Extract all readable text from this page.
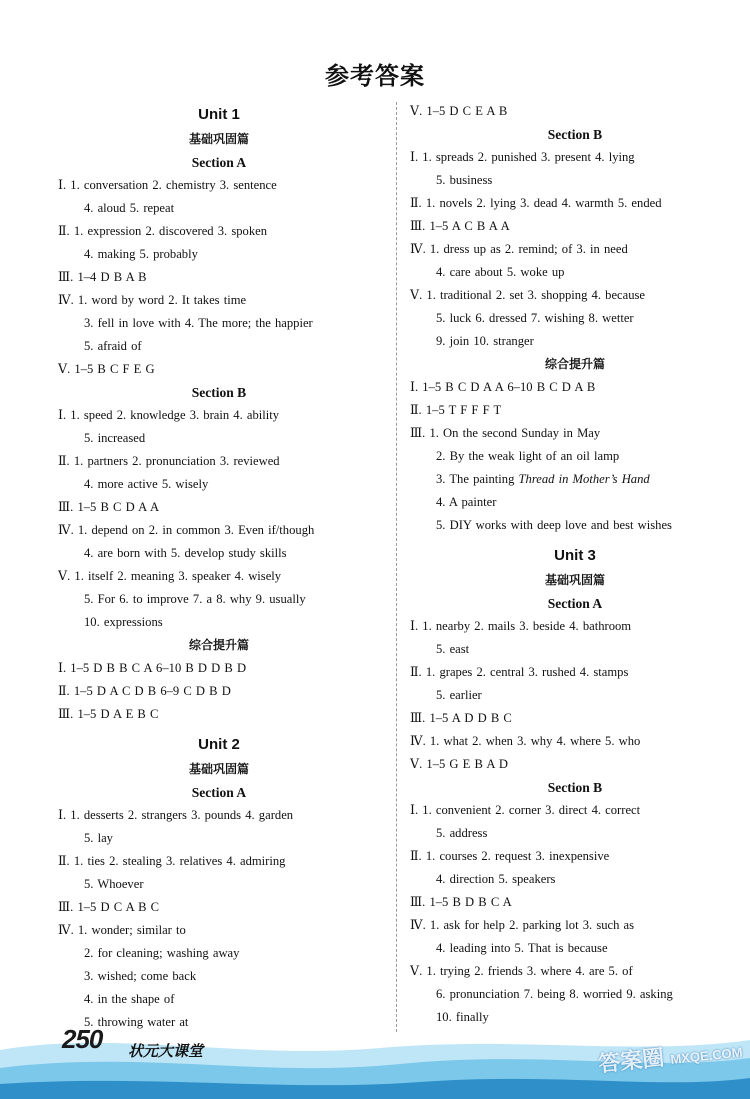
参考答案
Unit 1
基础巩固篇
Section A
Ⅰ. 1. conversation 2. chemistry 3. sentence
4. aloud 5. repeat
Ⅱ. 1. expression 2. discovered 3. spoken
4. making 5. probably
Ⅲ. 1–4 D B A B
Ⅳ. 1. word by word 2. It takes time
3. fell in love with 4. The more; the happier
5. afraid of
Ⅴ. 1–5 B C F E G
Section B
Ⅰ. 1. speed 2. knowledge 3. brain 4. ability
5. increased
Ⅱ. 1. partners 2. pronunciation 3. reviewed
4. more active 5. wisely
Ⅲ. 1–5 B C D A A
Ⅳ. 1. depend on 2. in common 3. Even if/though
4. are born with 5. develop study skills
Ⅴ. 1. itself 2. meaning 3. speaker 4. wisely
5. For 6. to improve 7. a 8. why 9. usually
10. expressions
综合提升篇
Ⅰ. 1–5 D B B C A 6–10 B D D B D
Ⅱ. 1–5 D A C D B 6–9 C D B D
Ⅲ. 1–5 D A E B C
Unit 2
基础巩固篇
Section A
Ⅰ. 1. desserts 2. strangers 3. pounds 4. garden
5. lay
Ⅱ. 1. ties 2. stealing 3. relatives 4. admiring
5. Whoever
Ⅲ. 1–5 D C A B C
Ⅳ. 1. wonder; similar to
2. for cleaning; washing away
3. wished; come back
4. in the shape of
5. throwing water at
Ⅴ. 1–5 D C E A B
Section B
Ⅰ. 1. spreads 2. punished 3. present 4. lying
5. business
Ⅱ. 1. novels 2. lying 3. dead 4. warmth 5. ended
Ⅲ. 1–5 A C B A A
Ⅳ. 1. dress up as 2. remind; of 3. in need
4. care about 5. woke up
Ⅴ. 1. traditional 2. set 3. shopping 4. because
5. luck 6. dressed 7. wishing 8. wetter
9. join 10. stranger
综合提升篇
Ⅰ. 1–5 B C D A A 6–10 B C D A B
Ⅱ. 1–5 T F F F T
Ⅲ. 1. On the second Sunday in May
2. By the weak light of an oil lamp
3. The painting Thread in Mother’s Hand
4. A painter
5. DIY works with deep love and best wishes
Unit 3
基础巩固篇
Section A
Ⅰ. 1. nearby 2. mails 3. beside 4. bathroom
5. east
Ⅱ. 1. grapes 2. central 3. rushed 4. stamps
5. earlier
Ⅲ. 1–5 A D D B C
Ⅳ. 1. what 2. when 3. why 4. where 5. who
Ⅴ. 1–5 G E B A D
Section B
Ⅰ. 1. convenient 2. corner 3. direct 4. correct
5. address
Ⅱ. 1. courses 2. request 3. inexpensive
4. direction 5. speakers
Ⅲ. 1–5 B D B C A
Ⅳ. 1. ask for help 2. parking lot 3. such as
4. leading into 5. That is because
Ⅴ. 1. trying 2. friends 3. where 4. are 5. of
6. pronunciation 7. being 8. worried 9. asking
10. finally
250 状元大课堂	答案圈 MXQE.COM
